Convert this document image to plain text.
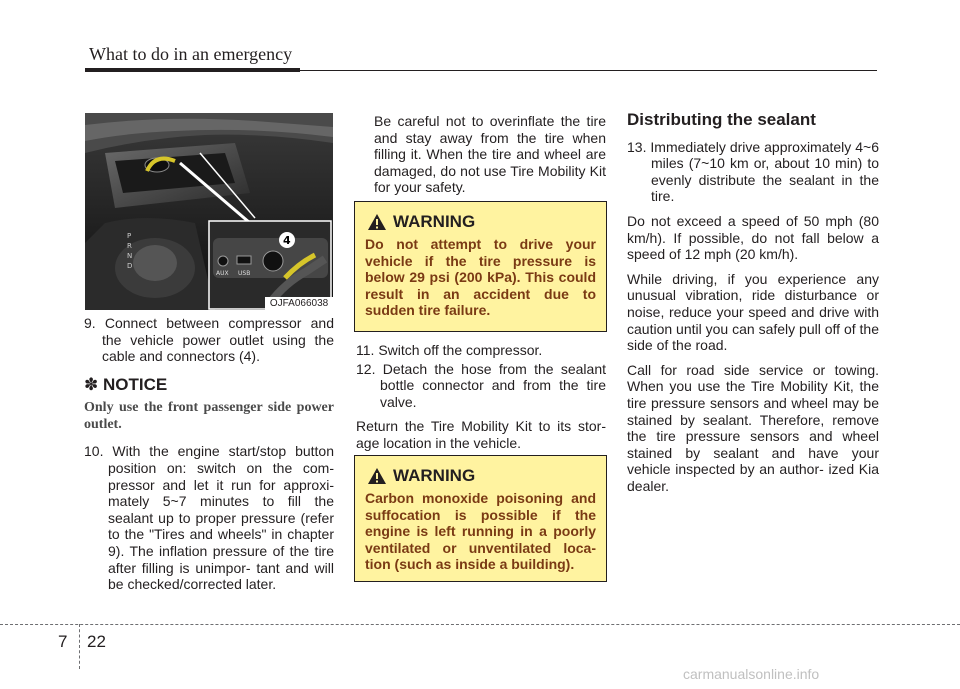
What to do in an emergency
P
R
N
D
AUX USB
4
OJFA066038
9. Connect between compressor and the vehicle power outlet using the cable and connectors (4).
✽ NOTICE
Only use the front passenger side power outlet.
10. With the engine start/stop button position on: switch on the com- pressor and let it run for approxi- mately 5~7 minutes to fill the sealant up to proper pressure (refer to the "Tires and wheels" in chapter 9). The inflation pressure of the tire after filling is unimpor- tant and will be checked/corrected later.
Be careful not to overinflate the tire and stay away from the tire when filling it. When the tire and wheel are damaged, do not use Tire Mobility Kit for your safety.
WARNING
Do not attempt to drive your vehicle if the tire pressure is below 29 psi (200 kPa). This could result in an accident due to sudden tire failure.
11. Switch off the compressor.
12. Detach the hose from the sealant bottle connector and from the tire valve.
Return the Tire Mobility Kit to its stor- age location in the vehicle.
WARNING
Carbon monoxide poisoning and suffocation is possible if the engine is left running in a poorly ventilated or unventilated loca- tion (such as inside a building).
Distributing the sealant
13. Immediately drive approximately 4~6 miles (7~10 km or, about 10 min) to evenly distribute the sealant in the tire.
Do not exceed a speed of 50 mph (80 km/h). If possible, do not fall below a speed of 12 mph (20 km/h).
While driving, if you experience any unusual vibration, ride disturbance or noise, reduce your speed and drive with caution until you can safely pull off of the side of the road.
Call for road side service or towing. When you use the Tire Mobility Kit, the tire pressure sensors and wheel may be stained by sealant. Therefore, remove the tire pressure sensors and wheel stained by sealant and have your vehicle inspected by an author- ized Kia dealer.
7 22
carmanualsonline.info
